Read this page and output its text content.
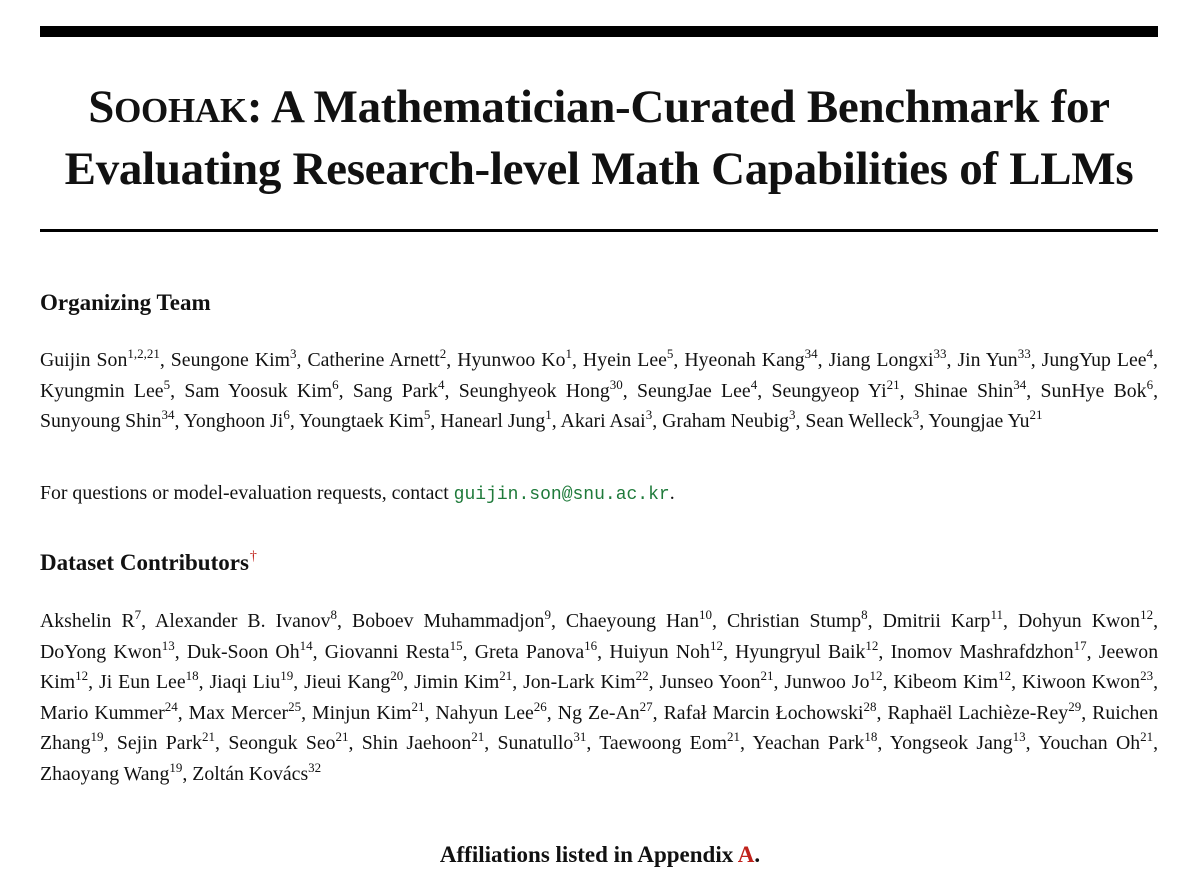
SOOHAK: A Mathematician-Curated Benchmark for
Evaluating Research-level Math Capabilities of LLMs
Organizing Team

Guijin Son$^{1,2,21}$, Seungone Kim$^3$, Catherine Arnett$^2$, Hyunwoo Ko$^1$, Hyein Lee$^5$, Hyeonah Kang$^{34}$, Jiang Longxi$^{33}$, Jin Yun$^{33}$, JungYup Lee$^4$, Kyungmin Lee$^5$, Sam Yoosuk Kim$^6$, Sang Park$^4$, Seunghyeok Hong$^{30}$, SeungJae Lee$^4$, Seungyeop Yi$^{21}$, Shinae Shin$^{34}$, SunHye Bok$^6$, Sunyoung Shin$^{34}$, Yonghoon Ji$^6$, Youngtaek Kim$^5$, Hanearl Jung$^1$, Akari Asai$^3$, Graham Neubig$^3$, Sean Welleck$^3$, Youngjae Yu$^{21}$

For questions or model-evaluation requests, contact guijin.son@snu.ac.kr.

Dataset Contributors†

Akshelin $R^7$, Alexander B. Ivanov$^8$, Boboev Muhammadjon$^9$, Chaeyoung Han$^{10}$, Christian Stump$^8$, Dmitrii Karp$^{11}$, Dohyun Kwon$^{12}$, DoYong Kwon$^{13}$, Duk-Soon Oh$^{14}$, Giovanni Resta$^{15}$, Greta Panova$^{16}$, Huiyun Noh$^{12}$, Hyungryul Baik$^{12}$, Inomov Mashrafdzhon$^{17}$, Jeewon Kim$^{12}$, Ji Eun Lee$^{18}$, Jiaqi Liu$^{19}$, Jieui Kang$^{20}$, Jimin Kim$^{21}$, Jon-Lark Kim$^{22}$, Junseo Yoon$^{21}$, Junwoo Jo$^{12}$, Kibeom Kim$^{12}$, Kiwoon Kwon$^{23}$, Mario Kummer$^{24}$, Max Mercer$^{25}$, Minjun Kim$^{21}$, Nahyun Lee$^{26}$, Ng Ze-An$^{27}$, Rafał Marcin Łochowski$^{28}$, Raphaël Lachièze-Rey$^{29}$, Ruichen Zhang$^{19}$, Sejin Park$^{21}$, Seonguk Seo$^{21}$, Shin Jaehoon$^{21}$, Sunatullo$^{31}$, Taewoong Eom$^{21}$, Yeachan Park$^{18}$, Yongseok Jang$^{13}$, Youchan Oh$^{21}$, Zhaoyang Wang$^{19}$, Zoltán Kovács$^{32}$

Affiliations listed in Appendix A.
